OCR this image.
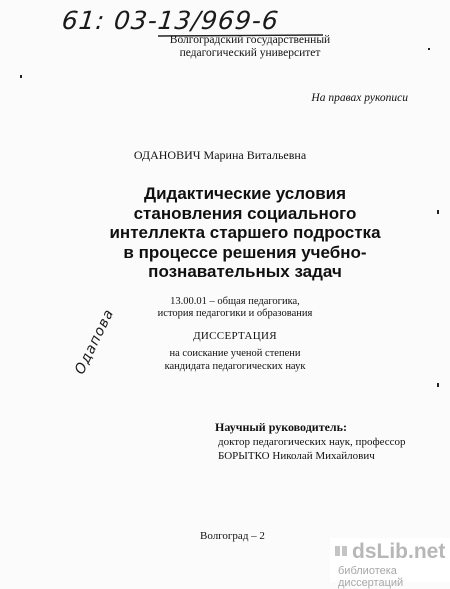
61: 03-13/969-6
Волгоградский государственный
педагогический университет
На правах рукописи
ОДАНОВИЧ Марина Витальевна
Дидактические условия
становления социального
интеллекта старшего подростка
в процессе решения учебно-
познавательных задач
13.00.01 – общая педагогика,
история педагогики и образования
ДИССЕРТАЦИЯ
на соискание ученой степени
кандидата педагогических наук
Одапова
Научный руководитель:
доктор педагогических наук, профессор
БОРЫТКО Николай Михайлович
Волгоград – 2
dsLib.net
библиотека диссертаций
